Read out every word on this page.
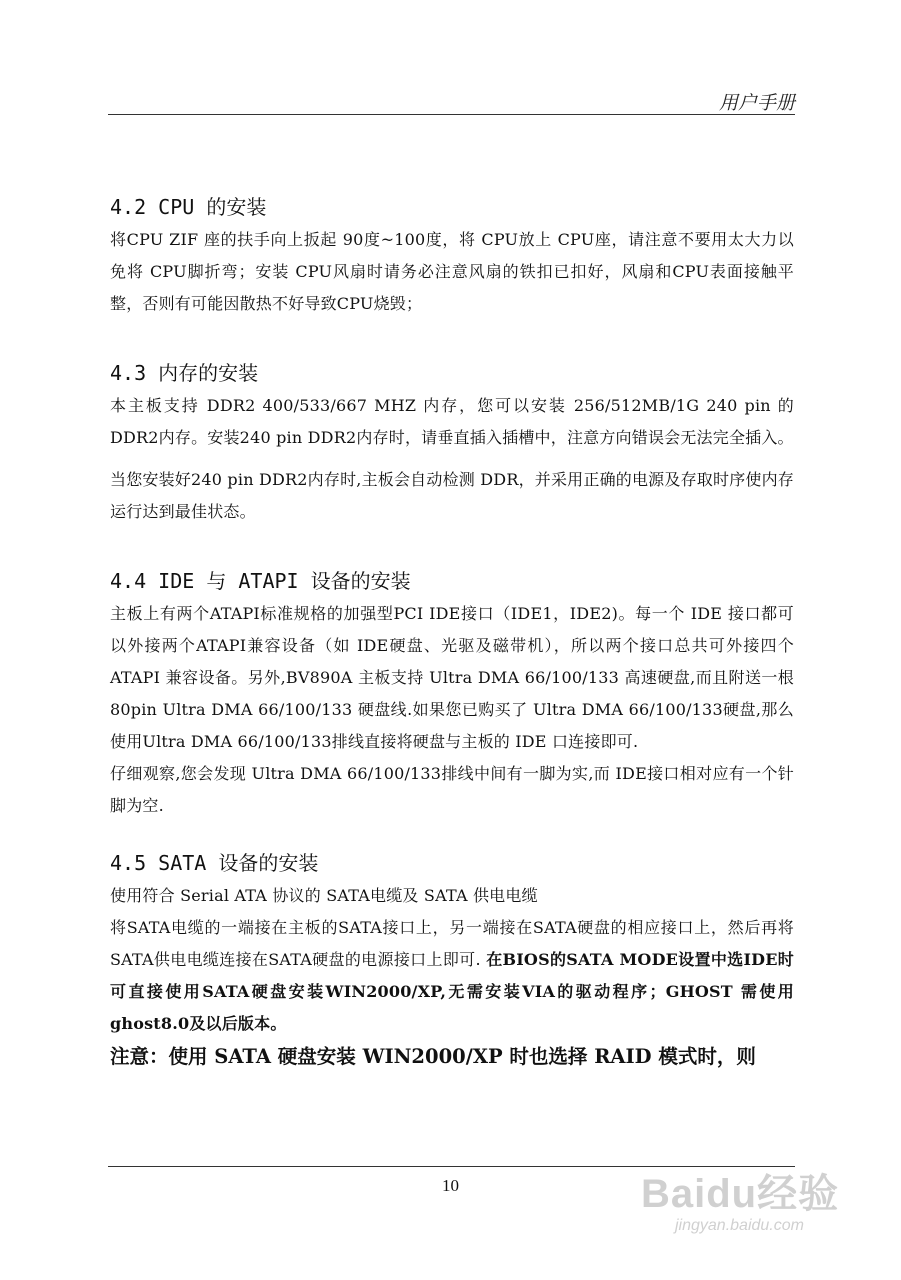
用户手册
4.2 CPU 的安装

将CPU ZIF 座的扶手向上扳起 90度~100度，将 CPU放上 CPU座，请注意不要用太大力以免将 CPU脚折弯；安装 CPU风扇时请务必注意风扇的铁扣已扣好，风扇和CPU表面接触平整，否则有可能因散热不好导致CPU烧毁；

4.3 内存的安装

本主板支持 DDR2 400/533/667 MHZ 内存，您可以安装 256/512MB/1G 240 pin 的DDR2内存。安装240 pin DDR2内存时，请垂直插入插槽中，注意方向错误会无法完全插入。

当您安装好240 pin DDR2内存时,主板会自动检测 DDR，并采用正确的电源及存取时序使内存运行达到最佳状态。

4.4 IDE 与 ATAPI 设备的安装

主板上有两个ATAPI标准规格的加强型PCI IDE接口（IDE1，IDE2)。每一个 IDE 接口都可以外接两个ATAPI兼容设备（如 IDE硬盘、光驱及磁带机），所以两个接口总共可外接四个 ATAPI 兼容设备。另外,BV890A 主板支持 Ultra DMA 66/100/133 高速硬盘,而且附送一根 80pin Ultra DMA 66/100/133 硬盘线.如果您已购买了 Ultra DMA 66/100/133硬盘,那么使用Ultra DMA 66/100/133排线直接将硬盘与主板的 IDE 口连接即可.

仔细观察,您会发现 Ultra DMA 66/100/133排线中间有一脚为实,而 IDE接口相对应有一个针脚为空.

4.5 SATA 设备的安装

使用符合 Serial ATA 协议的 SATA电缆及 SATA 供电电缆

将SATA电缆的一端接在主板的SATA接口上，另一端接在SATA硬盘的相应接口上，然后再将SATA供电电缆连接在SATA硬盘的电源接口上即可. 在BIOS的SATA MODE设置中选IDE时可直接使用SATA硬盘安装WIN2000/XP,无需安装VIA的驱动程序；GHOST 需使用 ghost8.0及以后版本。

注意：使用 SATA 硬盘安装 WIN2000/XP 时也选择 RAID 模式时，则

10	Baidu经验
jingyan.baidu.com
